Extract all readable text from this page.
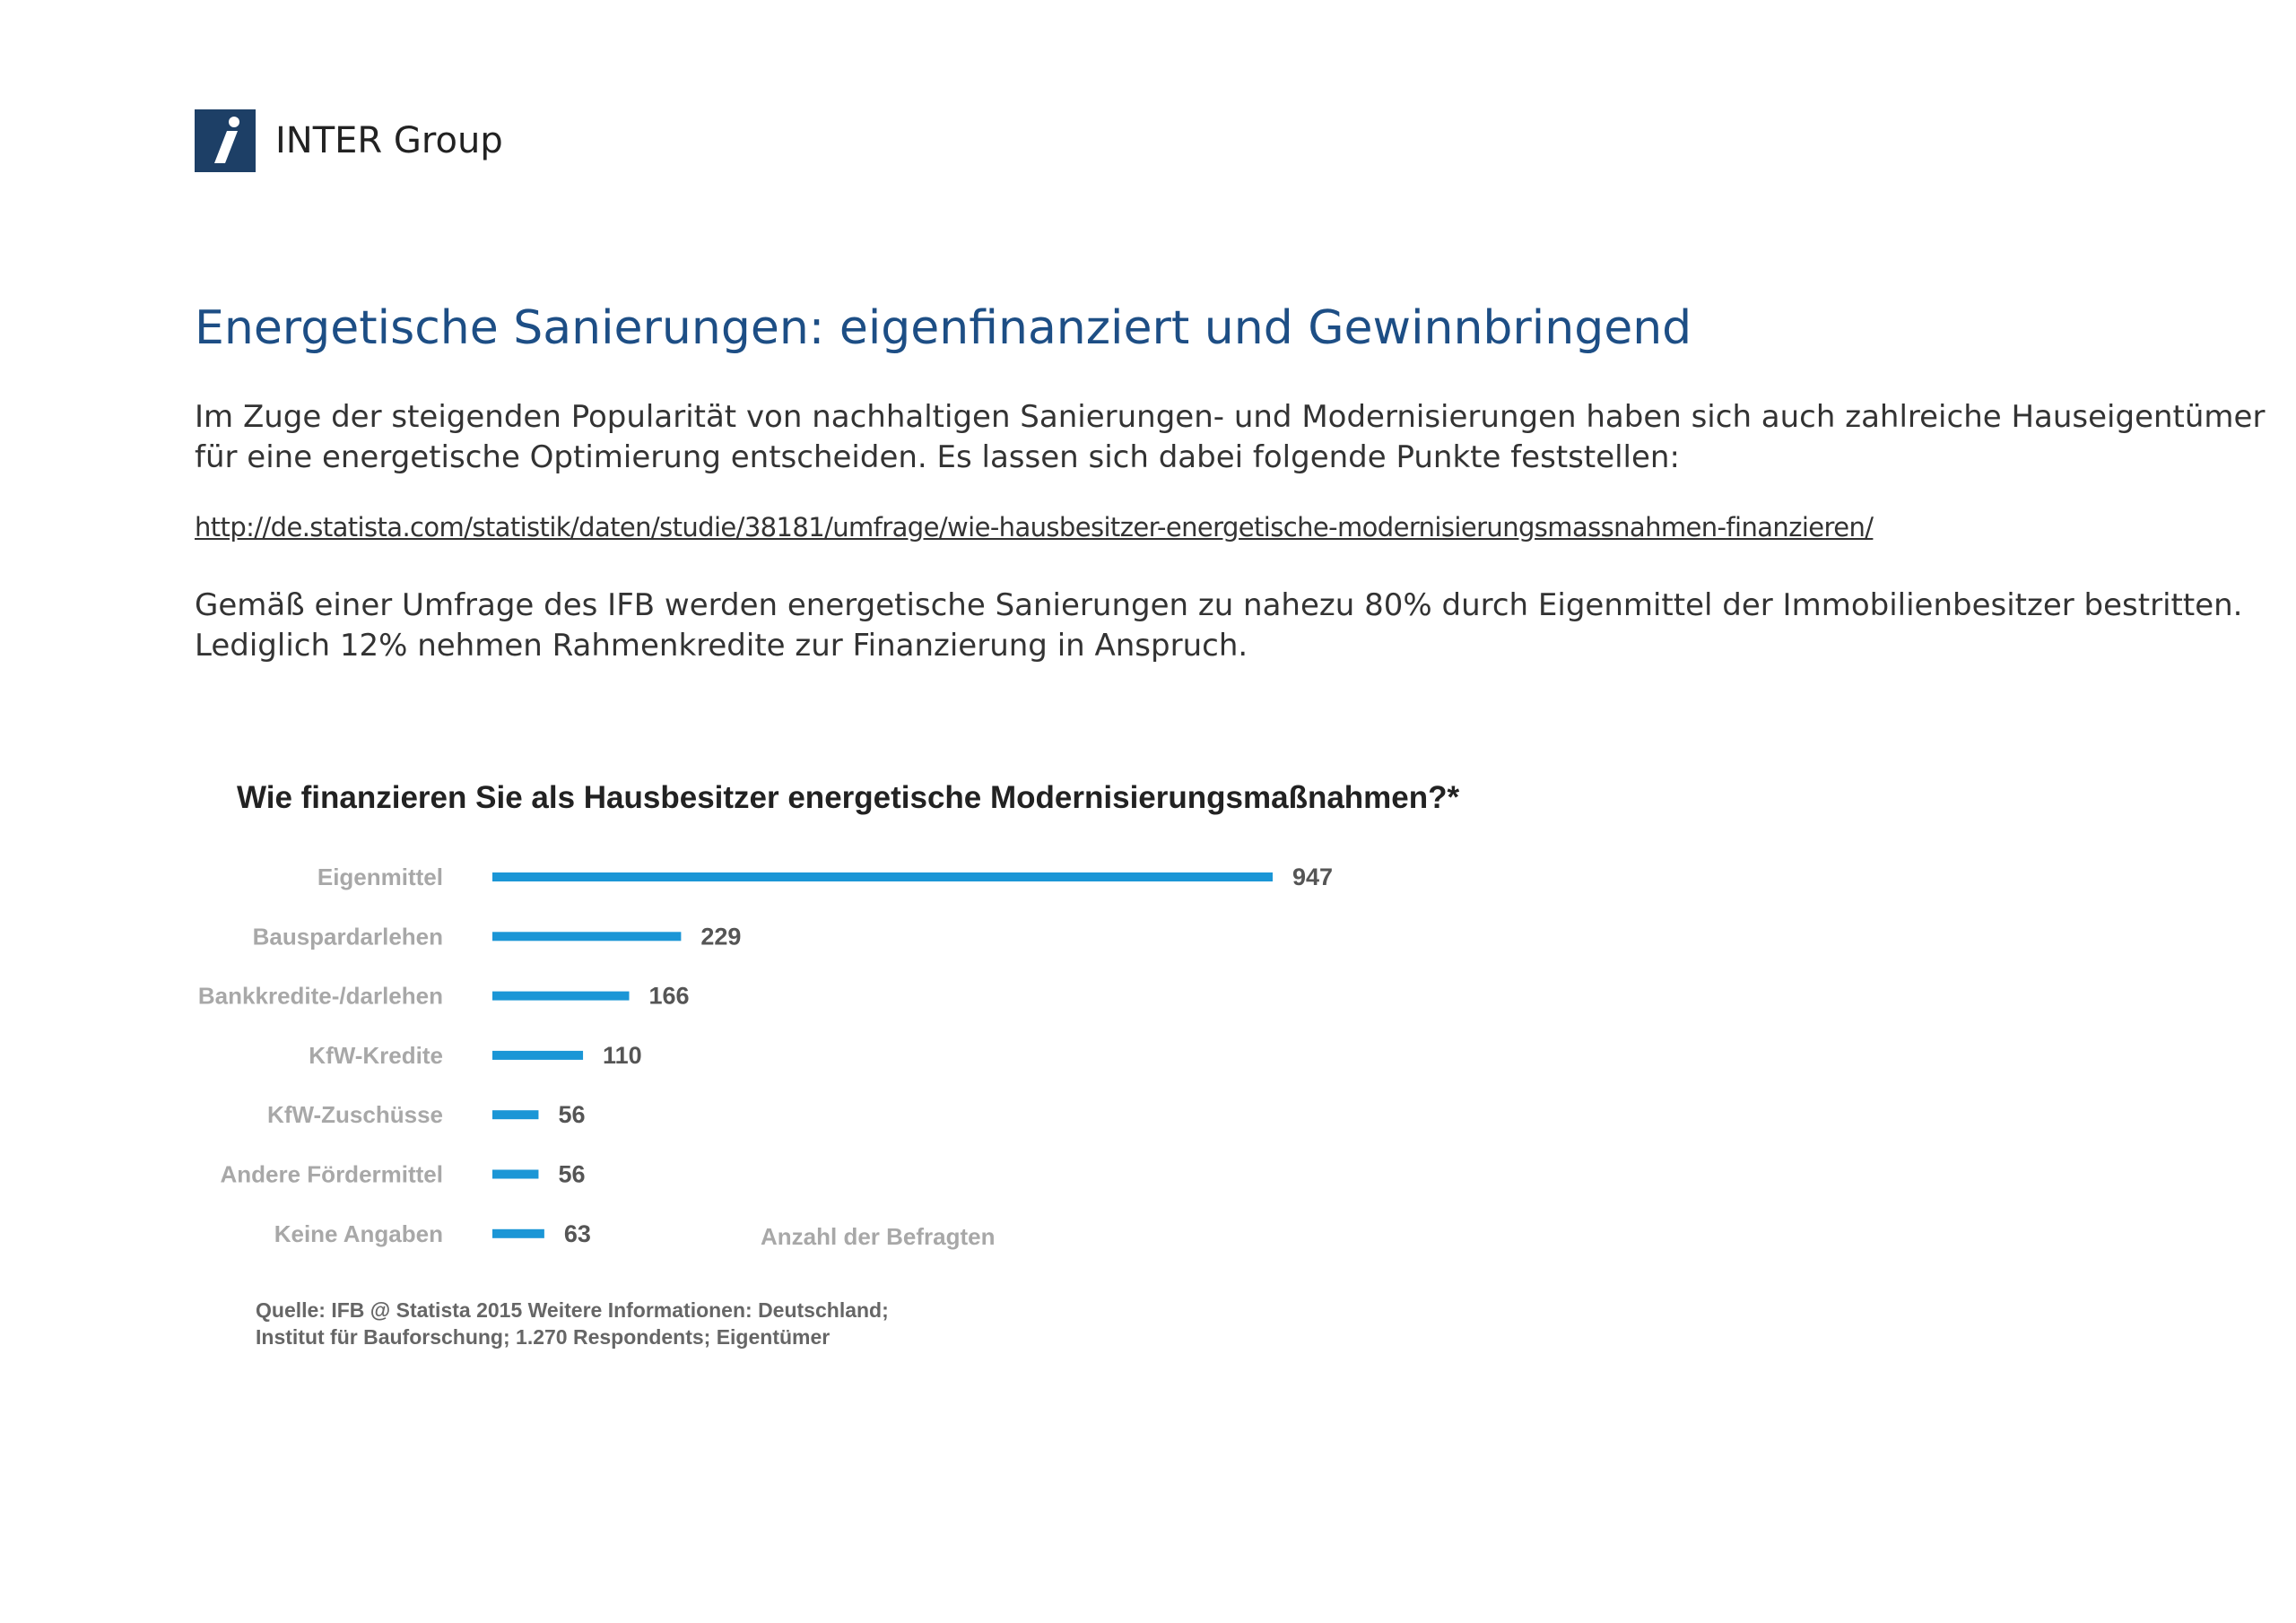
INTER Group
Energetische Sanierungen: eigenfinanziert und Gewinnbringend
Im Zuge der steigenden Popularität von nachhaltigen Sanierungen- und Modernisierungen haben sich auch zahlreiche Hauseigentümer
für eine energetische Optimierung entscheiden. Es lassen sich dabei folgende Punkte feststellen:
http://de.statista.com/statistik/daten/studie/38181/umfrage/wie-hausbesitzer-energetische-modernisierungsmassnahmen-finanzieren/
Gemäß einer Umfrage des IFB werden energetische Sanierungen zu nahezu 80% durch Eigenmittel der Immobilienbesitzer bestritten.
Lediglich 12% nehmen Rahmenkredite zur Finanzierung in Anspruch.
Wie finanzieren Sie als Hausbesitzer energetische Modernisierungsmaßnahmen?*
Eigenmittel	947
Bauspardarlehen	229
Bankkredite-/darlehen	166
KfW-Kredite	110
KfW-Zuschüsse	56
Andere Fördermittel	56
Keine Angaben	63	Anzahl der Befragten
Quelle: IFB @ Statista 2015 Weitere Informationen: Deutschland;
Institut für Bauforschung; 1.270 Respondents; Eigentümer
